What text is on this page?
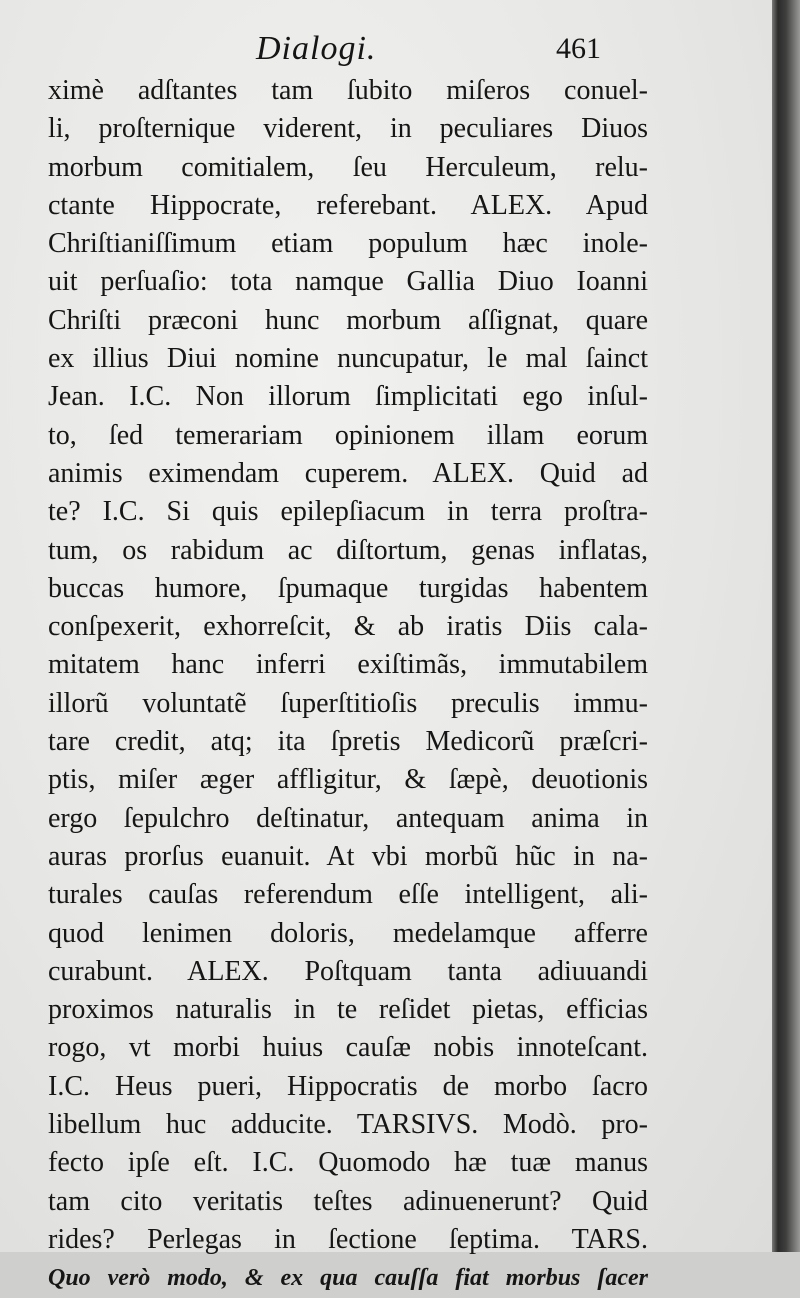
Dialogi.	461
ximè adſtantes tam ſubito miſeros conuel-
li, proſternique viderent, in peculiares Diuos
morbum comitialem, ſeu Herculeum, relu-
ctante Hippocrate, referebant. ALEX. Apud
Chriſtianiſſimum etiam populum hæc inole-
uit perſuaſio: tota namque Gallia Diuo Ioanni
Chriſti præconi hunc morbum aſſignat, quare
ex illius Diui nomine nuncupatur, le mal ſainct
Jean. I.C. Non illorum ſimplicitati ego inſul-
to, ſed temerariam opinionem illam eorum
animis eximendam cuperem. ALEX. Quid ad
te? I.C. Si quis epilepſiacum in terra proſtra-
tum, os rabidum ac diſtortum, genas inflatas,
buccas humore, ſpumaque turgidas habentem
conſpexerit, exhorreſcit, & ab iratis Diis cala-
mitatem hanc inferri exiſtimãs, immutabilem
illorũ voluntatẽ ſuperſtitioſis preculis immu-
tare credit, atq; ita ſpretis Medicorũ præſcri-
ptis, miſer æger affligitur, & ſæpè, deuotionis
ergo ſepulchro deſtinatur, antequam anima in
auras prorſus euanuit. At vbi morbũ hũc in na-
turales cauſas referendum eſſe intelligent, ali-
quod lenimen doloris, medelamque afferre
curabunt. ALEX. Poſtquam tanta adiuuandi
proximos naturalis in te reſidet pietas, efficias
rogo, vt morbi huius cauſæ nobis innoteſcant.
I.C. Heus pueri, Hippocratis de morbo ſacro
libellum huc adducite. TARSIVS. Modò. pro-
fecto ipſe eſt. I.C. Quomodo hæ tuæ manus
tam cito veritatis teſtes adinuenerunt? Quid
rides? Perlegas in ſectione ſeptima. TARS.
Quo verò modo, & ex qua cauſſa fiat morbus ſacer
